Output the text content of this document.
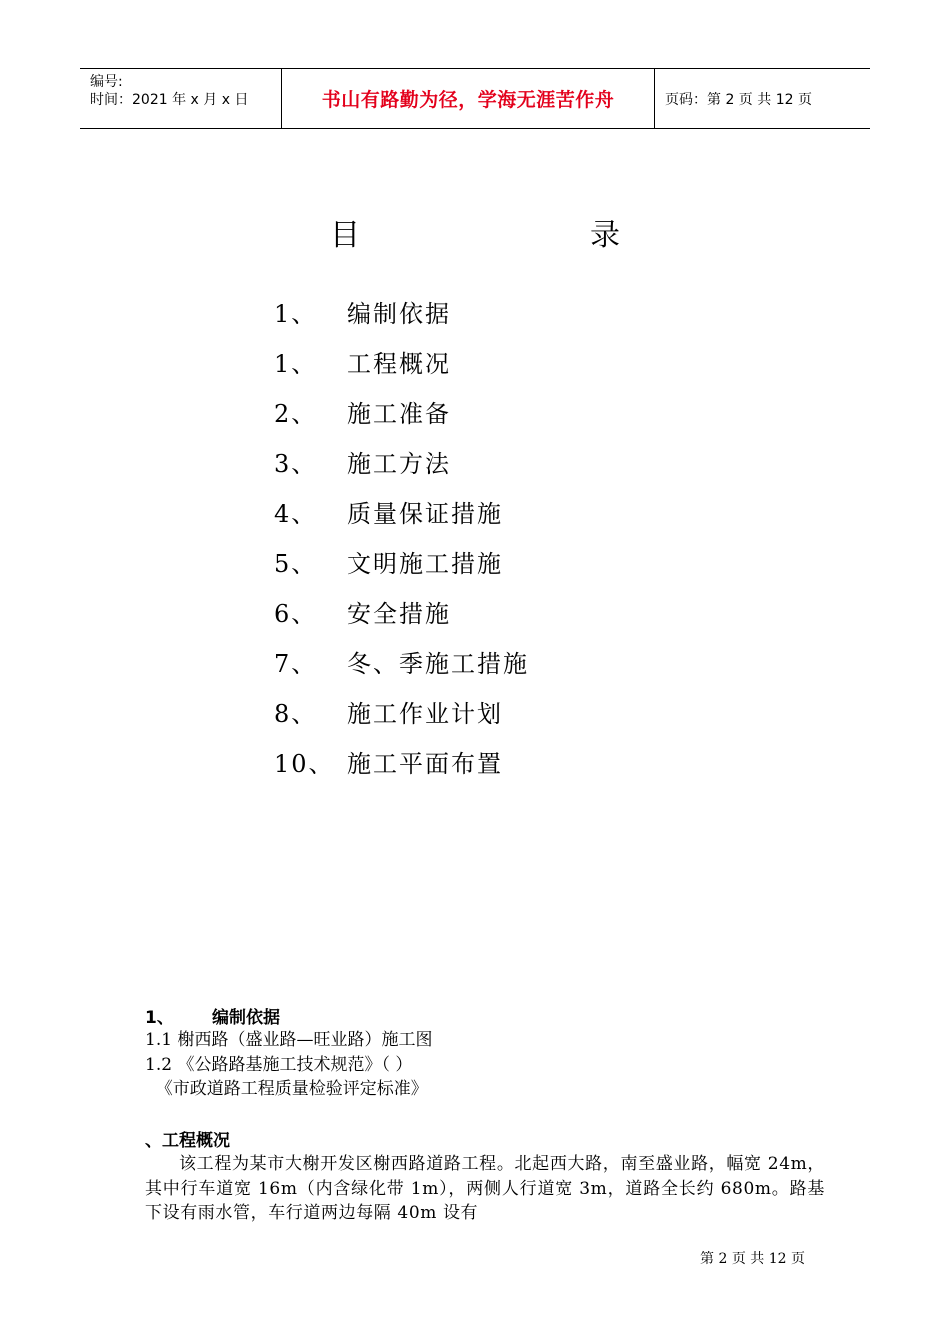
编号:
时间：2021 年 x 月 x 日	书山有路勤为径，学海无涯苦作舟	页码：第 2 页 共 12 页
目	录
1、	编制依据
1、	工程概况
2、	施工准备
3、	施工方法
4、	质量保证措施
5、	文明施工措施
6、	安全措施
7、	冬、季施工措施
8、	施工作业计划
10、 施工平面布置
1、 编制依据
1.1 榭西路（盛业路—旺业路）施工图
1.2 《公路路基施工技术规范》（ ）
《市政道路工程质量检验评定标准》
、工程概况

该工程为某市大榭开发区榭西路道路工程。北起西大路，南至盛业路，幅宽 24m，其中行车道宽 16m（内含绿化带 1m），两侧人行道宽 3m，道路全长约 680m。路基下设有雨水管，车行道两边每隔 40m 设有

第 2 页 共 12 页
